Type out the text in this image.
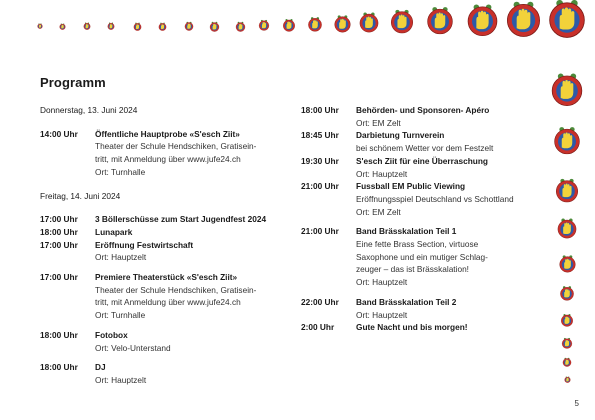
Programm
Donnerstag, 13. Juni 2024
14:00 Uhr	Öffentliche Hauptprobe «S'esch Ziit»
Theater der Schule Hendschiken, Gratisein-
tritt, mit Anmeldung über www.jufe24.ch
Ort: Turnhalle
Freitag, 14. Juni 2024
17:00 Uhr	3 Böllerschüsse zum Start Jugendfest 2024
18:00 Uhr	Lunapark
17:00 Uhr	Eröffnung Festwirtschaft
Ort: Hauptzelt
17:00 Uhr	Premiere Theaterstück «S'esch Ziit»
Theater der Schule Hendschiken, Gratisein-
tritt, mit Anmeldung über www.jufe24.ch
Ort: Turnhalle
18:00 Uhr	Fotobox
Ort: Velo-Unterstand
18:00 Uhr	DJ
Ort: Hauptzelt
18:00 Uhr	Behörden- und Sponsoren- Apéro
Ort: EM Zelt
18:45 Uhr	Darbietung Turnverein
bei schönem Wetter vor dem Festzelt
19:30 Uhr	S'esch Ziit für eine Überraschung
Ort: Hauptzelt
21:00 Uhr	Fussball EM Public Viewing
Eröffnungsspiel Deutschland vs Schottland
Ort: EM Zelt
21:00 Uhr	Band Brässkalation Teil 1
Eine fette Brass Section, virtuose
Saxophone und ein mutiger Schlag-
zeuger – das ist Brässkalation!
Ort: Hauptzelt
22:00 Uhr	Band Brässkalation Teil 2
Ort: Hauptzelt
2:00 Uhr	Gute Nacht und bis morgen!
5
